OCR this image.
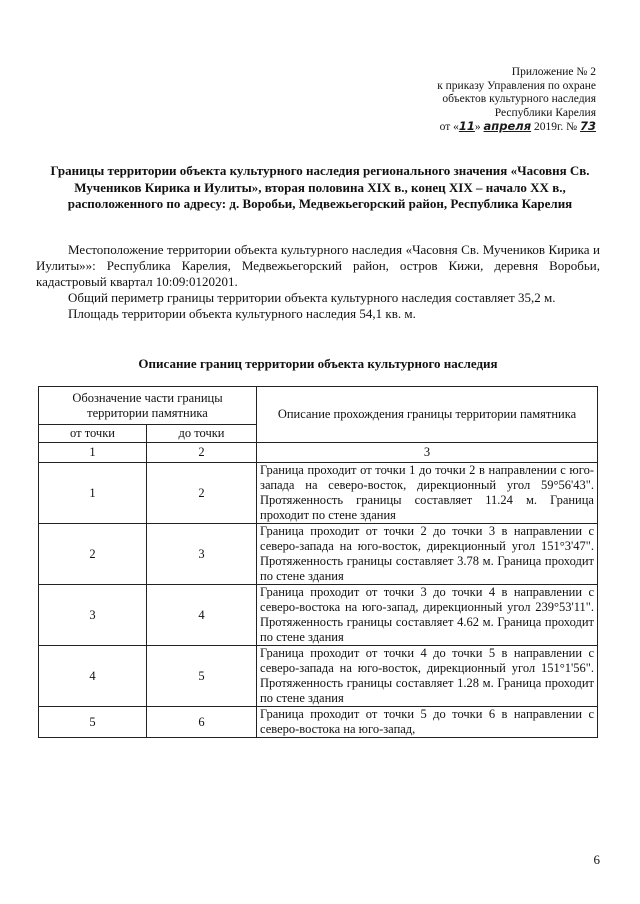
Приложение № 2
к приказу Управления по охране
объектов культурного наследия
Республики Карелия
от «11» апреля 2019г. № 73
Границы территории объекта культурного наследия регионального значения «Часовня Св. Мучеников Кирика и Иулиты», вторая половина XIX в., конец XIX – начало XX в., расположенного по адресу: д. Воробьи, Медвежьегорский район, Республика Карелия

Местоположение территории объекта культурного наследия «Часовня Св. Мучеников Кирика и Иулиты»»: Республика Карелия, Медвежьегорский район, остров Кижи, деревня Воробьи, кадастровый квартал 10:09:0120201.

Общий периметр границы территории объекта культурного наследия составляет 35,2 м.

Площадь территории объекта культурного наследия 54,1 кв. м.

Описание границ территории объекта культурного наследия
Обозначение части границы территории памятника		Описание прохождения границы территории памятника
от точки	до точки	
1	2	3
1	2	Граница проходит от точки 1 до точки 2 в направлении с юго-запада на северо-восток, дирекционный угол 59°56'43". Протяженность границы составляет 11.24 м. Граница проходит по стене здания
2	3	Граница проходит от точки 2 до точки 3 в направлении с северо-запада на юго-восток, дирекционный угол 151°3'47". Протяженность границы составляет 3.78 м. Граница проходит по стене здания
3	4	Граница проходит от точки 3 до точки 4 в направлении с северо-востока на юго-запад, дирекционный угол 239°53'11". Протяженность границы составляет 4.62 м. Граница проходит по стене здания
4	5	Граница проходит от точки 4 до точки 5 в направлении с северо-запада на юго-восток, дирекционный угол 151°1'56". Протяженность границы составляет 1.28 м. Граница проходит по стене здания
5	6	Граница проходит от точки 5 до точки 6 в направлении с северо-востока на юго-запад,
6
